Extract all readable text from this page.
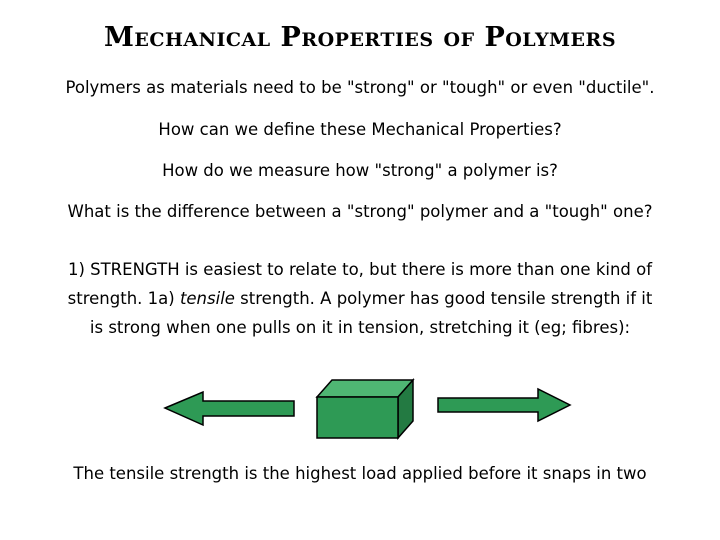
Mechanical Properties of Polymers
Polymers as materials need to be "strong" or "tough" or even "ductile".
How can we define these Mechanical Properties?
How do we measure how "strong" a polymer is?
What is the difference between a "strong" polymer and a "tough" one?
1) STRENGTH is easiest to relate to, but there is more than one kind of
strength. 1a) tensile strength. A polymer has good tensile strength if it
is strong when one pulls on it in tension, stretching it (eg; fibres):
The tensile strength is the highest load applied before it snaps in two
